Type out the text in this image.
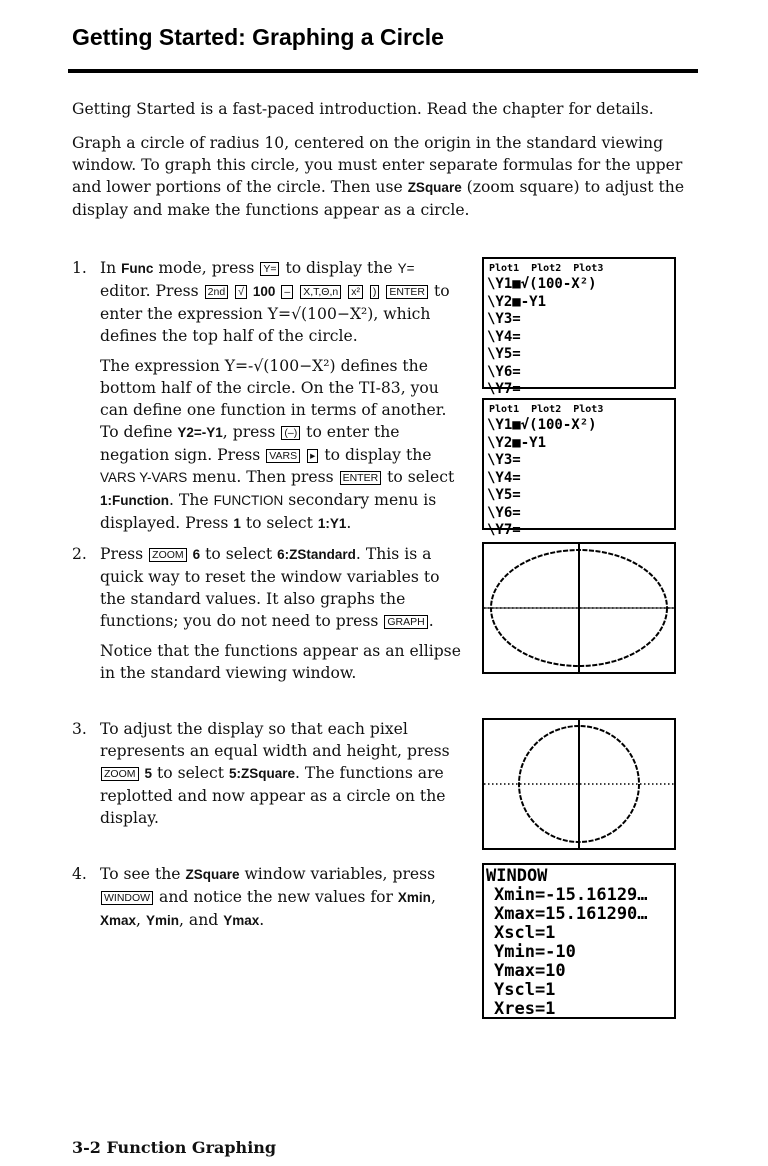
Getting Started: Graphing a Circle
Getting Started is a fast-paced introduction. Read the chapter for details.
Graph a circle of radius 10, centered on the origin in the standard viewing window. To graph this circle, you must enter separate formulas for the upper and lower portions of the circle. Then use ZSquare (zoom square) to adjust the display and make the functions appear as a circle.
1. In Func mode, press Y= to display the Y= editor. Press 2nd √ 100 – X,T,Θ,n x² ) ENTER to enter the expression Y=√(100−X²), which defines the top half of the circle.

The expression Y=-√(100−X²) defines the bottom half of the circle. On the TI-83, you can define one function in terms of another. To define Y2=-Y1, press (–) to enter the negation sign. Press VARS ▸ to display the VARS Y-VARS menu. Then press ENTER to select 1:Function. The FUNCTION secondary menu is displayed. Press 1 to select 1:Y1.

2. Press ZOOM 6 to select 6:ZStandard. This is a quick way to reset the window variables to the standard values. It also graphs the functions; you do not need to press GRAPH .

Notice that the functions appear as an ellipse in the standard viewing window.

3. To adjust the display so that each pixel represents an equal width and height, press ZOOM 5 to select 5:ZSquare. The functions are replotted and now appear as a circle on the display.

4. To see the ZSquare window variables, press WINDOW and notice the new values for Xmin, Xmax, Ymin, and Ymax.

Plot1 Plot2 Plot3
\Y1■√(100-X²)
\Y2■-Y1
\Y3=
\Y4=
\Y5=
\Y6=
\Y7=
Plot1 Plot2 Plot3
\Y1■√(100-X²)
\Y2■-Y1
\Y3=
\Y4=
\Y5=
\Y6=
\Y7=
WINDOW
Xmin=-15.16129…
Xmax=15.161290…
Xscl=1
Ymin=-10
Ymax=10
Yscl=1
Xres=1
3-2 Function Graphing
